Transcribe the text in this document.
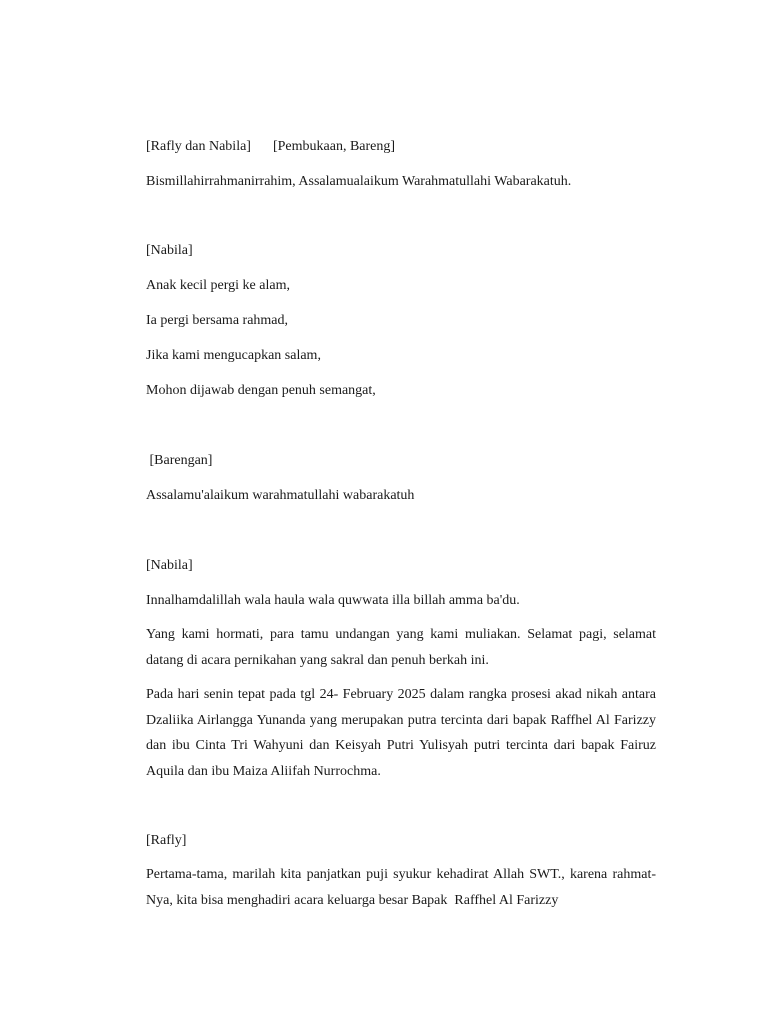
[Rafly dan Nabila] [Pembukaan, Bareng]
Bismillahirrahmanirrahim, Assalamualaikum Warahmatullahi Wabarakatuh.
[Nabila]
Anak kecil pergi ke alam,
Ia pergi bersama rahmad,
Jika kami mengucapkan salam,
Mohon dijawab dengan penuh semangat,
[Barengan]
Assalamu'alaikum warahmatullahi wabarakatuh
[Nabila]
Innalhamdalillah wala haula wala quwwata illa billah amma ba'du.
Yang kami hormati, para tamu undangan yang kami muliakan. Selamat pagi, selamat datang di acara pernikahan yang sakral dan penuh berkah ini.
Pada hari senin tepat pada tgl 24- February 2025 dalam rangka prosesi akad nikah antara Dzaliika Airlangga Yunanda yang merupakan putra tercinta dari bapak Raffhel Al Farizzy dan ibu Cinta Tri Wahyuni dan Keisyah Putri Yulisyah putri tercinta dari bapak Fairuz Aquila dan ibu Maiza Aliifah Nurrochma.
[Rafly]
Pertama-tama, marilah kita panjatkan puji syukur kehadirat Allah SWT., karena rahmat-Nya, kita bisa menghadiri acara keluarga besar Bapak  Raffhel Al Farizzy
